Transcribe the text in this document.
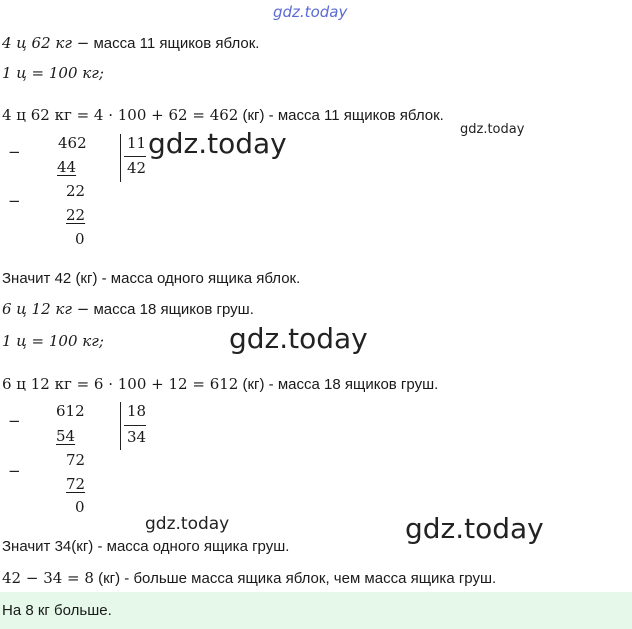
gdz.today
gdz.today
gdz.today
gdz.today
gdz.today	gdz.today
4 ц 62 кг − масса 11 ящиков яблок.
1 ц = 100 кг;
4 ц 62 кг = 4 · 100 + 62 = 462 (кг) - масса 11 ящиков яблок.
− 462
44
−
22
22
0
11
42
Значит 42 (кг) - масса одного ящика яблок.
6 ц 12 кг − масса 18 ящиков груш.
1 ц = 100 кг;
6 ц 12 кг = 6 · 100 + 12 = 612 (кг) - масса 18 ящиков груш.
−
612
54
−
72
72
0
18
34
Значит 34(кг) - масса одного ящика груш.
42 − 34 = 8 (кг) - больше масса ящика яблок, чем масса ящика груш.
На 8 кг больше.
